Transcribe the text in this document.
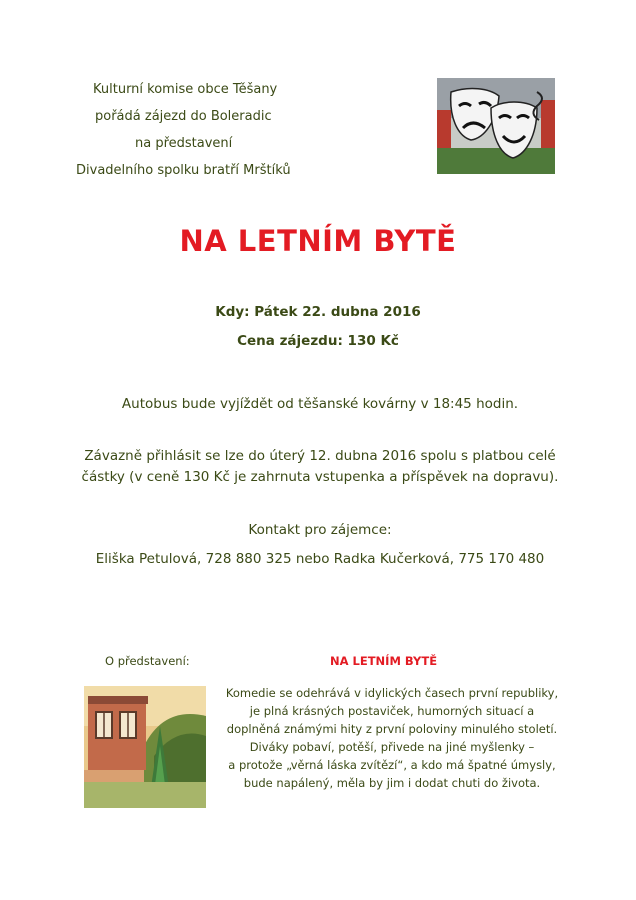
Kulturní komise obce Těšany
pořádá zájezd do Boleradic
na představení
Divadelního spolku bratří Mrštíků
NA LETNÍM BYTĚ
Kdy: Pátek 22. dubna 2016
Cena zájezdu: 130 Kč
Autobus bude vyjíždět od těšanské kovárny v 18:45 hodin.
Závazně přihlásit se lze do úterý 12. dubna 2016 spolu s platbou celé
částky (v ceně 130 Kč je zahrnuta vstupenka a příspěvek na dopravu).
Kontakt pro zájemce:
Eliška Petulová, 728 880 325 nebo Radka Kučerková, 775 170 480
O představení:	NA LETNÍM BYTĚ
Komedie se odehrává v idylických časech první republiky,
je plná krásných postaviček, humorných situací a
doplněná známými hity z první poloviny minulého století.
Diváky pobaví, potěší, přivede na jiné myšlenky –
a protože „věrná láska zvítězí“, a kdo má špatné úmysly,
bude napálený, měla by jim i dodat chuti do života.
